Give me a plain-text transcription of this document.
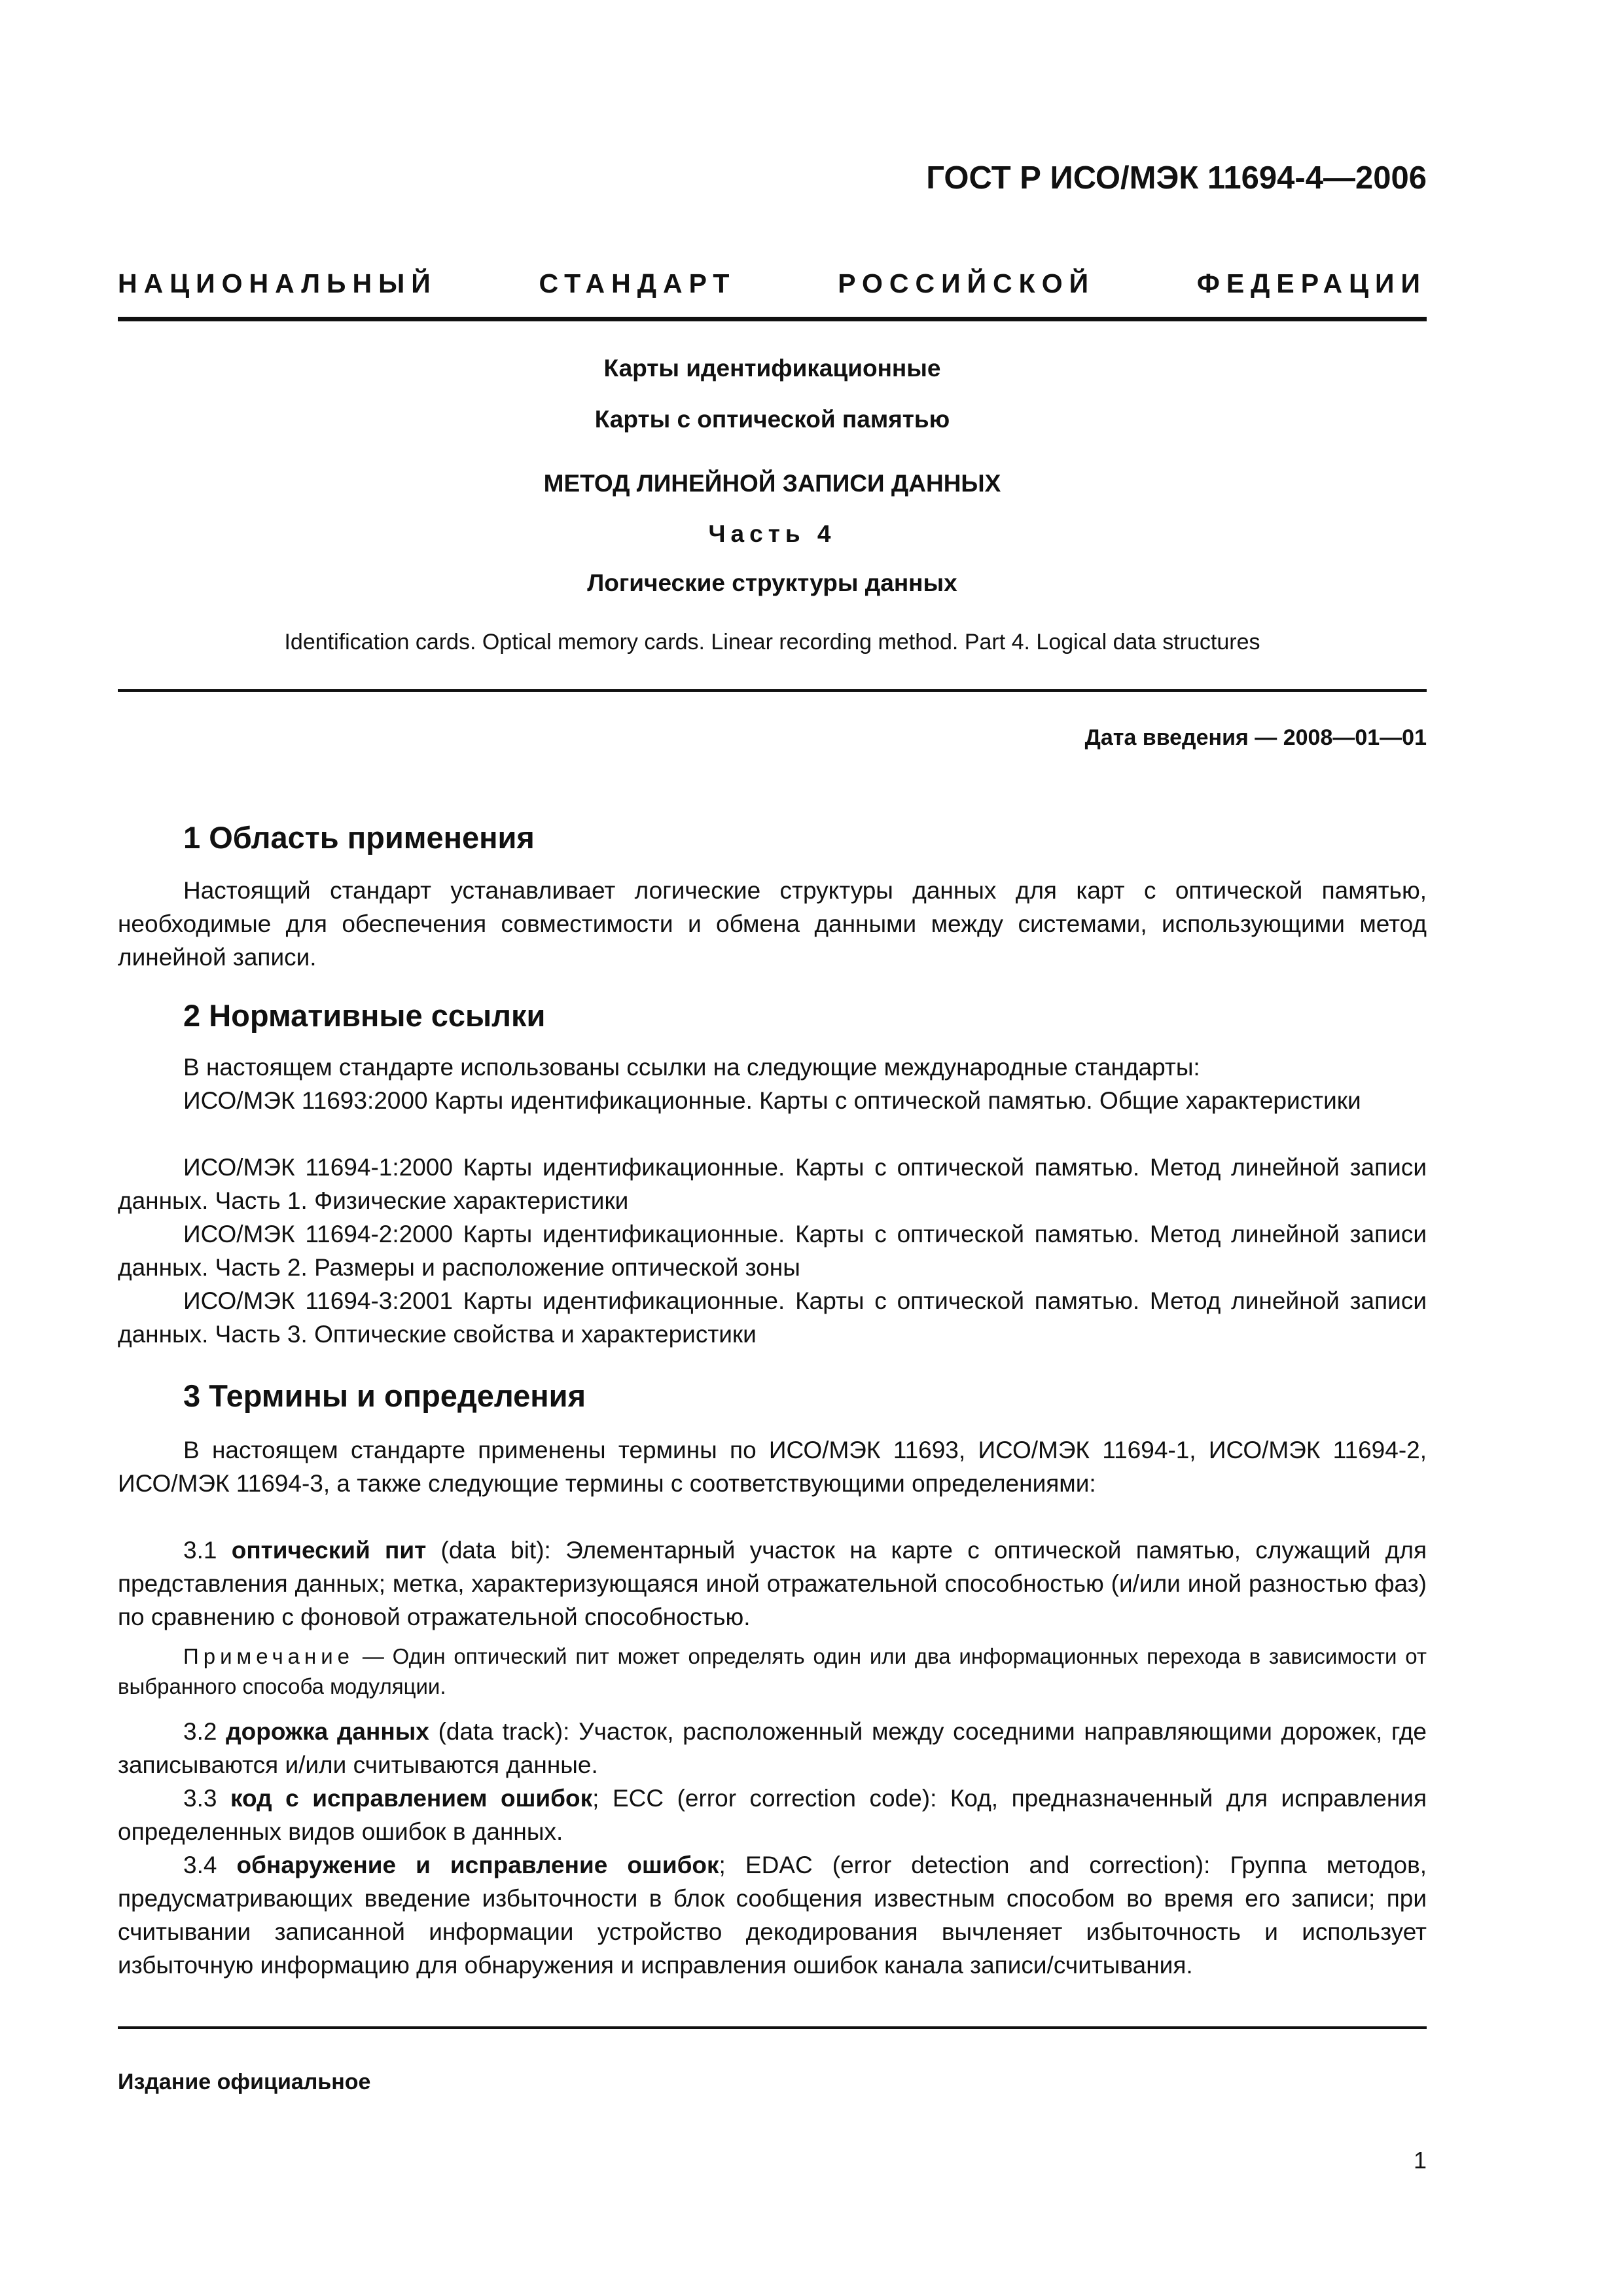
ГОСТ Р ИСО/МЭК 11694-4—2006
НАЦИОНАЛЬНЫЙ	СТАНДАРТ	РОССИЙСКОЙ	ФЕДЕРАЦИИ
Карты идентификационные
Карты с оптической памятью
МЕТОД ЛИНЕЙНОЙ ЗАПИСИ ДАННЫХ
Часть 4
Логические структуры данных
Identification cards. Optical memory cards. Linear recording method. Part 4. Logical data structures
Дата введения — 2008—01—01
1 Область применения
Настоящий стандарт устанавливает логические структуры данных для карт с оптической памятью, необходимые для обеспечения совместимости и обмена данными между системами, использующими метод линейной записи.
2 Нормативные ссылки
В настоящем стандарте использованы ссылки на следующие международные стандарты:
ИСО/МЭК 11693:2000 Карты идентификационные. Карты с оптической памятью. Общие характеристики
ИСО/МЭК 11694-1:2000 Карты идентификационные. Карты с оптической памятью. Метод линейной записи данных. Часть 1. Физические характеристики
ИСО/МЭК 11694-2:2000 Карты идентификационные. Карты с оптической памятью. Метод линейной записи данных. Часть 2. Размеры и расположение оптической зоны
ИСО/МЭК 11694-3:2001 Карты идентификационные. Карты с оптической памятью. Метод линейной записи данных. Часть 3. Оптические свойства и характеристики
3 Термины и определения
В настоящем стандарте применены термины по ИСО/МЭК 11693, ИСО/МЭК 11694-1, ИСО/МЭК 11694-2, ИСО/МЭК 11694-3, а также следующие термины с соответствующими определениями:
3.1 оптический пит (data bit): Элементарный участок на карте с оптической памятью, служащий для представления данных; метка, характеризующаяся иной отражательной способностью (и/или иной разностью фаз) по сравнению с фоновой отражательной способностью.
Примечание — Один оптический пит может определять один или два информационных перехода в зависимости от выбранного способа модуляции.
3.2 дорожка данных (data track): Участок, расположенный между соседними направляющими дорожек, где записываются и/или считываются данные.
3.3 код с исправлением ошибок; ECC (error correction code): Код, предназначенный для исправления определенных видов ошибок в данных.
3.4 обнаружение и исправление ошибок; EDAC (error detection and correction): Группа методов, предусматривающих введение избыточности в блок сообщения известным способом во время его записи; при считывании записанной информации устройство декодирования вычленяет избыточность и использует избыточную информацию для обнаружения и исправления ошибок канала записи/считывания.
Издание официальное
1
